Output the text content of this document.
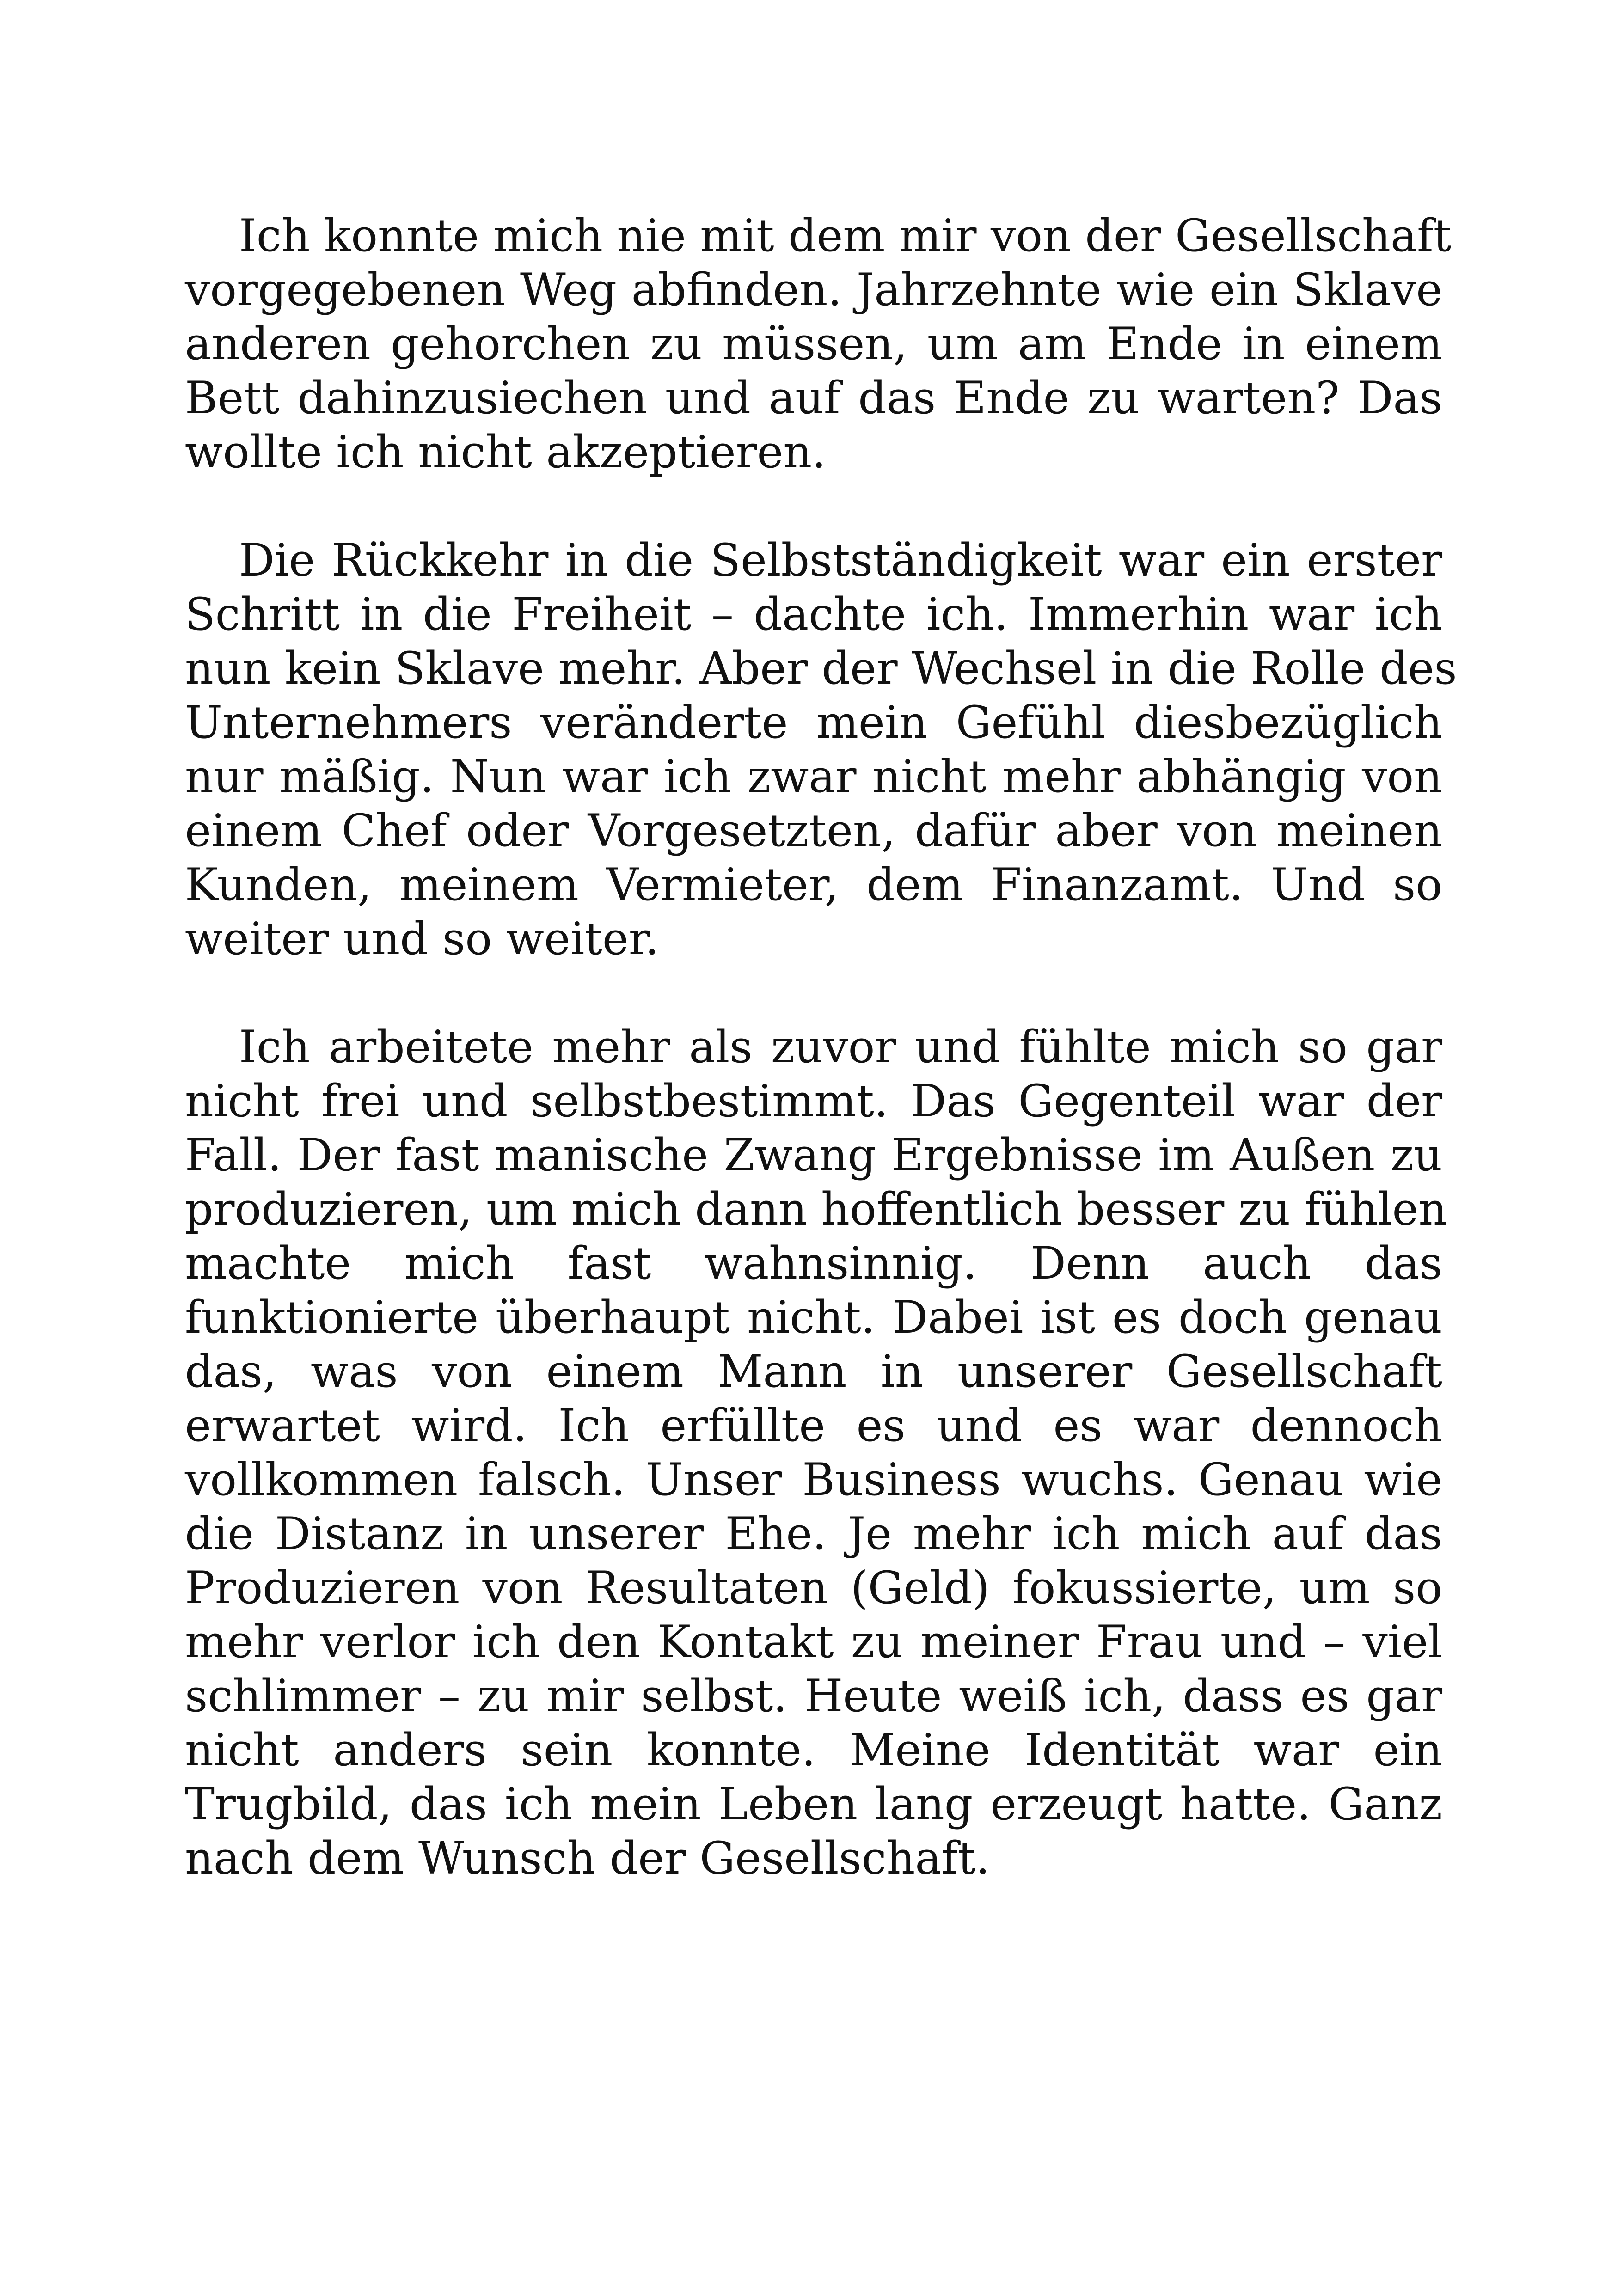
Ich konnte mich nie mit dem mir von der Gesellschaft
vorgegebenen Weg abfinden. Jahrzehnte wie ein Sklave
anderen gehorchen zu müssen, um am Ende in einem
Bett dahinzusiechen und auf das Ende zu warten? Das
wollte ich nicht akzeptieren.
Die Rückkehr in die Selbstständigkeit war ein erster
Schritt in die Freiheit – dachte ich. Immerhin war ich
nun kein Sklave mehr. Aber der Wechsel in die Rolle des
Unternehmers veränderte mein Gefühl diesbezüglich
nur mäßig. Nun war ich zwar nicht mehr abhängig von
einem Chef oder Vorgesetzten, dafür aber von meinen
Kunden, meinem Vermieter, dem Finanzamt. Und so
weiter und so weiter.
Ich arbeitete mehr als zuvor und fühlte mich so gar
nicht frei und selbstbestimmt. Das Gegenteil war der
Fall. Der fast manische Zwang Ergebnisse im Außen zu
produzieren, um mich dann hoffentlich besser zu fühlen
machte mich fast wahnsinnig. Denn auch das
funktionierte überhaupt nicht. Dabei ist es doch genau
das, was von einem Mann in unserer Gesellschaft
erwartet wird. Ich erfüllte es und es war dennoch
vollkommen falsch. Unser Business wuchs. Genau wie
die Distanz in unserer Ehe. Je mehr ich mich auf das
Produzieren von Resultaten (Geld) fokussierte, um so
mehr verlor ich den Kontakt zu meiner Frau und – viel
schlimmer – zu mir selbst. Heute weiß ich, dass es gar
nicht anders sein konnte. Meine Identität war ein
Trugbild, das ich mein Leben lang erzeugt hatte. Ganz
nach dem Wunsch der Gesellschaft.
